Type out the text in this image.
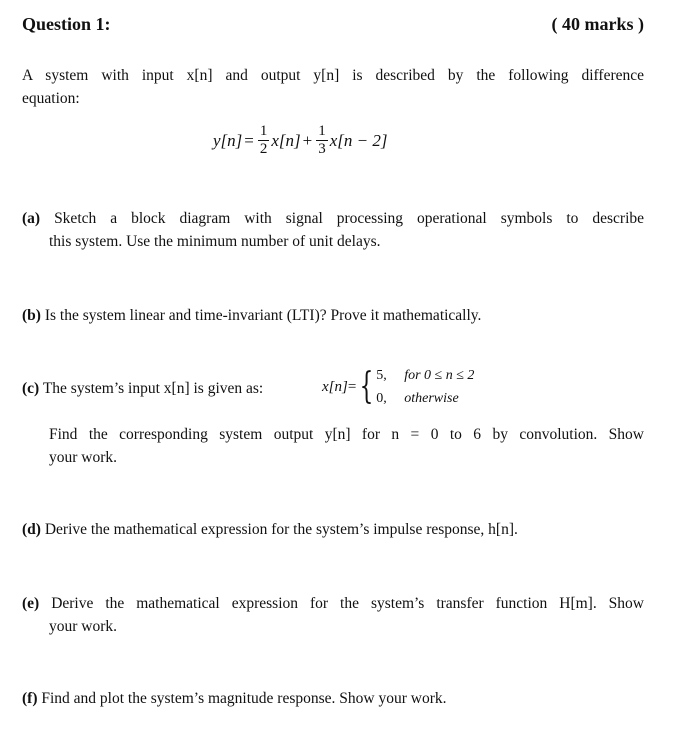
Question 1:	( 40 marks )
A system with input x[n] and output y[n] is described by the following difference
equation:
$y[n] = \frac{1}{2} x[n] + \frac{1}{3} x[n - 2]$
(a) Sketch a block diagram with signal processing operational symbols to describe
this system. Use the minimum number of unit delays.
(b) Is the system linear and time-invariant (LTI)? Prove it mathematically.
(c) The system’s input x[n] is given as:	x[n] = { 5,	for 0 ≤ n ≤ 2
0,	otherwise
Find the corresponding system output y[n] for n = 0 to 6 by convolution. Show
your work.
(d) Derive the mathematical expression for the system’s impulse response, h[n].
(e) Derive the mathematical expression for the system’s transfer function H[m]. Show
your work.
(f) Find and plot the system’s magnitude response. Show your work.
